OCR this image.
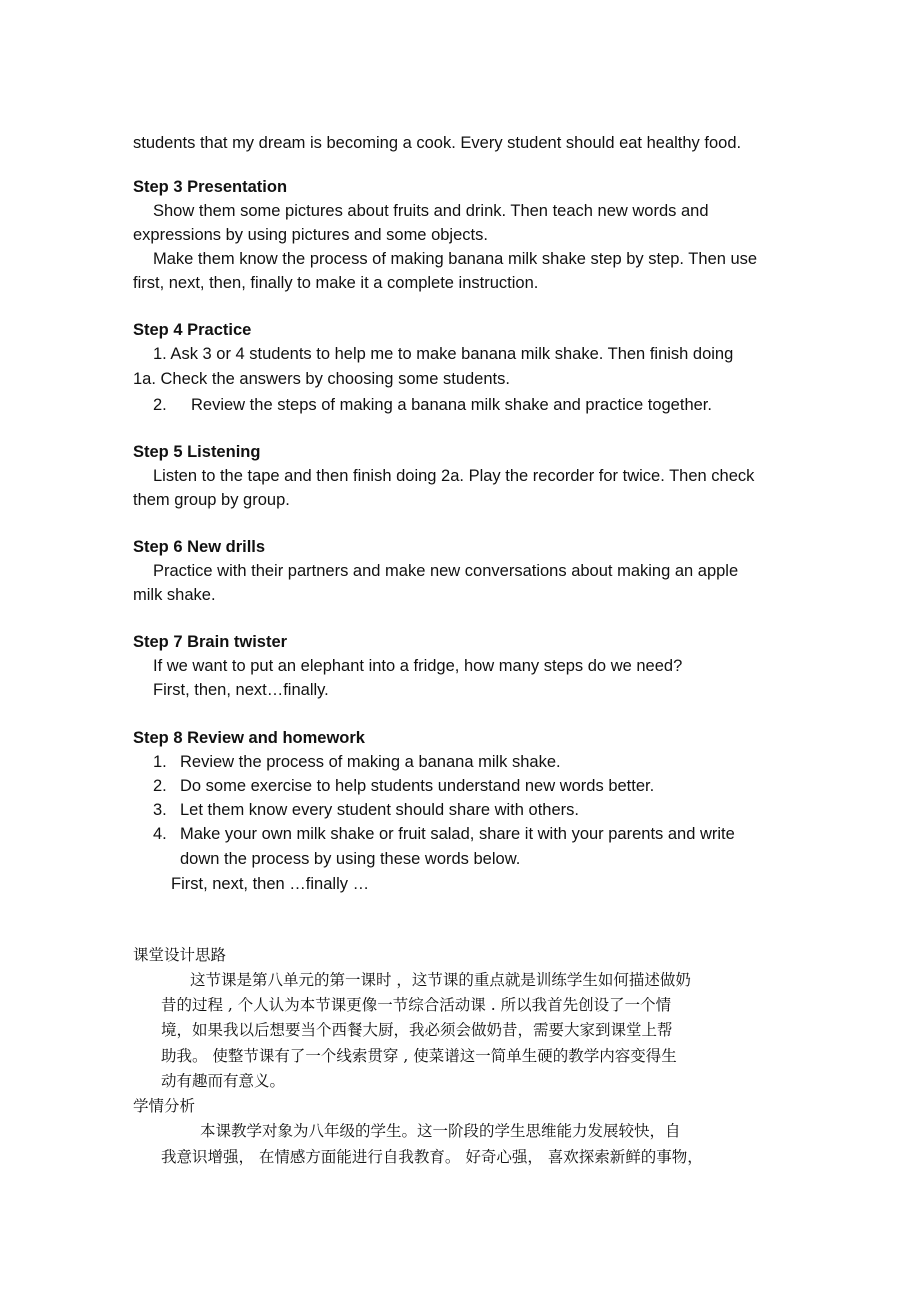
students that my dream is becoming a cook. Every student should eat healthy food.
Step 3 Presentation
Show them some pictures about fruits and drink. Then teach new words and
expressions by using pictures and some objects.
Make them know the process of making banana milk shake step by step. Then use
first, next, then, finally to make it a complete instruction.
Step 4 Practice
1. Ask 3 or 4 students to help me to make banana milk shake. Then finish doing
1a. Check the answers by choosing some students.
2. Review the steps of making a banana milk shake and practice together.
Step 5 Listening
Listen to the tape and then finish doing 2a. Play the recorder for twice. Then check
them group by group.
Step 6 New drills
Practice with their partners and make new conversations about making an apple
milk shake.
Step 7 Brain twister
If we want to put an elephant into a fridge, how many steps do we need?
First, then, next…finally.
Step 8 Review and homework
1. Review the process of making a banana milk shake.
2. Do some exercise to help students understand new words better.
3. Let them know every student should share with others.
4. Make your own milk shake or fruit salad, share it with your parents and write
down the process by using these words below.
First, next, then …finally …
课堂设计思路
这节课是第八单元的第一课时 ，这节课的重点就是训练学生如何描述做奶
昔的过程 , 个人认为本节课更像一节综合活动课 . 所以我首先创设了一个情
境，如果我以后想要当个西餐大厨，我必须会做奶昔，需要大家到课堂上帮
助我。 使整节课有了一个线索贯穿 , 使菜谱这一简单生硬的教学内容变得生
动有趣而有意义。
学情分析
本课教学对象为八年级的学生。这一阶段的学生思维能力发展较快，自
我意识增强， 在情感方面能进行自我教育。 好奇心强， 喜欢探索新鲜的事物，
